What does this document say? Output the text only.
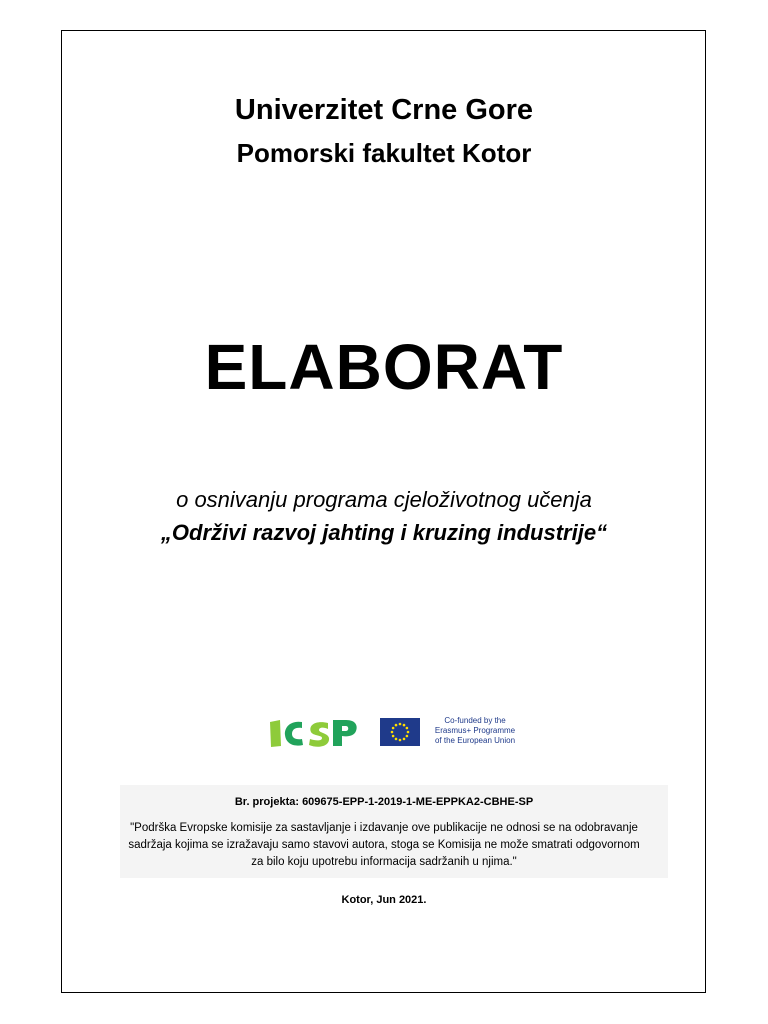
Univerzitet Crne Gore
Pomorski fakultet Kotor
ELABORAT
o osnivanju programa cjeloživotnog učenja
„Održivi razvoj jahting i kruzing industrije“
Co-funded by the
Erasmus+ Programme
of the European Union
Br. projekta: 609675-EPP-1-2019-1-ME-EPPKA2-CBHE-SP
"Podrška Evropske komisije za sastavljanje i izdavanje ove publikacije ne odnosi se na odobravanje
sadržaja kojima se izražavaju samo stavovi autora, stoga se Komisija ne može smatrati odgovornom
za bilo koju upotrebu informacija sadržanih u njima."
Kotor, Jun 2021.
